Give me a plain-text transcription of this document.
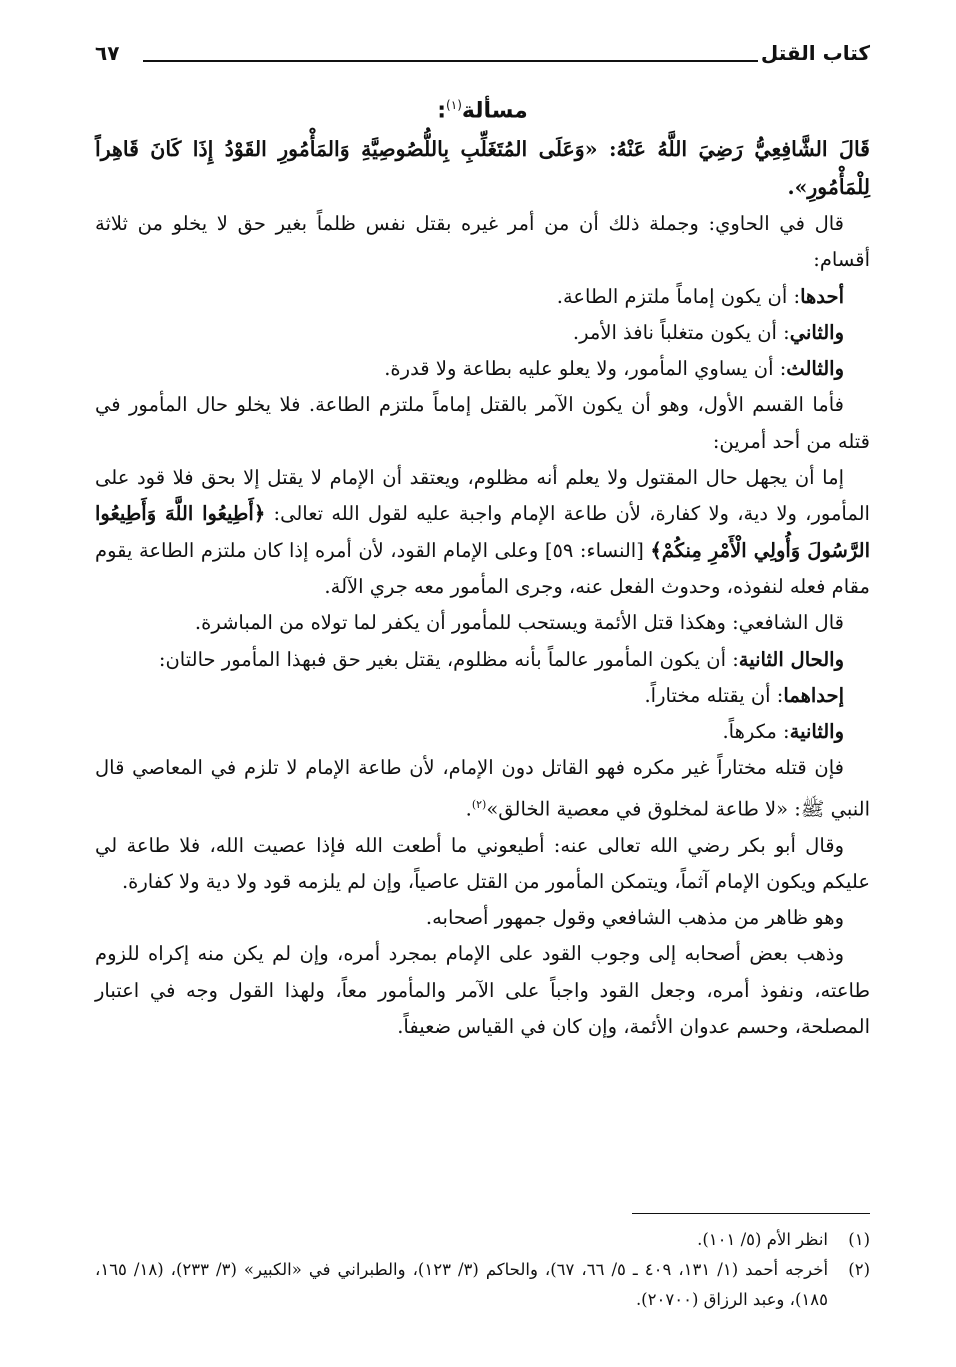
كتاب القتل
٦٧
مسألة$^{(١)}$:

قَالَ الشَّافِعِيُّ رَضِيَ اللَّهُ عَنْهُ: «وَعَلَى المُتَغَلِّبِ بِاللُّصُوصِيَّةِ وَالمَأْمُورِ القَوْدُ إِذَا كَانَ قَاهِراً لِلْمَأْمُورِ».

قال في الحاوي: وجملة ذلك أن من أمر غيره بقتل نفس ظلماً بغير حق لا يخلو من ثلاثة أقسام:

أحدها: أن يكون إماماً ملتزم الطاعة.

والثاني: أن يكون متغلباً نافذ الأمر.

والثالث: أن يساوي المأمور، ولا يعلو عليه بطاعة ولا قدرة.

فأما القسم الأول، وهو أن يكون الآمر بالقتل إماماً ملتزم الطاعة. فلا يخلو حال المأمور في قتله من أحد أمرين:

إما أن يجهل حال المقتول ولا يعلم أنه مظلوم، ويعتقد أن الإمام لا يقتل إلا بحق فلا قود على المأمور، ولا دية، ولا كفارة، لأن طاعة الإمام واجبة عليه لقول الله تعالى: ﴿أَطِيعُوا اللَّهَ وَأَطِيعُوا الرَّسُولَ وَأُولِي الْأَمْرِ مِنكُمْ﴾ [النساء: ٥٩] وعلى الإمام القود، لأن أمره إذا كان ملتزم الطاعة يقوم مقام فعله لنفوذه، وحدوث الفعل عنه، وجرى المأمور معه جري الآلة.

قال الشافعي: وهكذا قتل الأئمة ويستحب للمأمور أن يكفر لما تولاه من المباشرة.

والحال الثانية: أن يكون المأمور عالماً بأنه مظلوم، يقتل بغير حق فبهذا المأمور حالتان:

إحداهما: أن يقتله مختاراً.

والثانية: مكرهاً.

فإن قتله مختاراً غير مكره فهو القاتل دون الإمام، لأن طاعة الإمام لا تلزم في المعاصي قال النبي ﷺ: «لا طاعة لمخلوق في معصية الخالق»$^{(٢)}$.

وقال أبو بكر رضي الله تعالى عنه: أطيعوني ما أطعت الله فإذا عصيت الله، فلا طاعة لي عليكم ويكون الإمام آثماً، ويتمكن المأمور من القتل عاصياً، وإن لم يلزمه قود ولا دية ولا كفارة.

وهو ظاهر من مذهب الشافعي وقول جمهور أصحابه.

وذهب بعض أصحابه إلى وجوب القود على الإمام بمجرد أمره، وإن لم يكن منه إكراه للزوم طاعته، ونفوذ أمره، وجعل القود واجباً على الآمر والمأمور معاً، ولهذا القول وجه في اعتبار المصلحة، وحسم عدوان الأئمة، وإن كان في القياس ضعيفاً.

(١)
انظر الأم (٥/ ١٠١).
(٢)
أخرجه أحمد (١/ ١٣١، ٤٠٩ ـ ٥/ ٦٦، ٦٧)، والحاكم (٣/ ١٢٣)، والطبراني في «الكبير» (٣/ ٢٣٣)، (١٨/ ١٦٥، ١٨٥)، وعبد الرزاق (٢٠٧٠٠).
